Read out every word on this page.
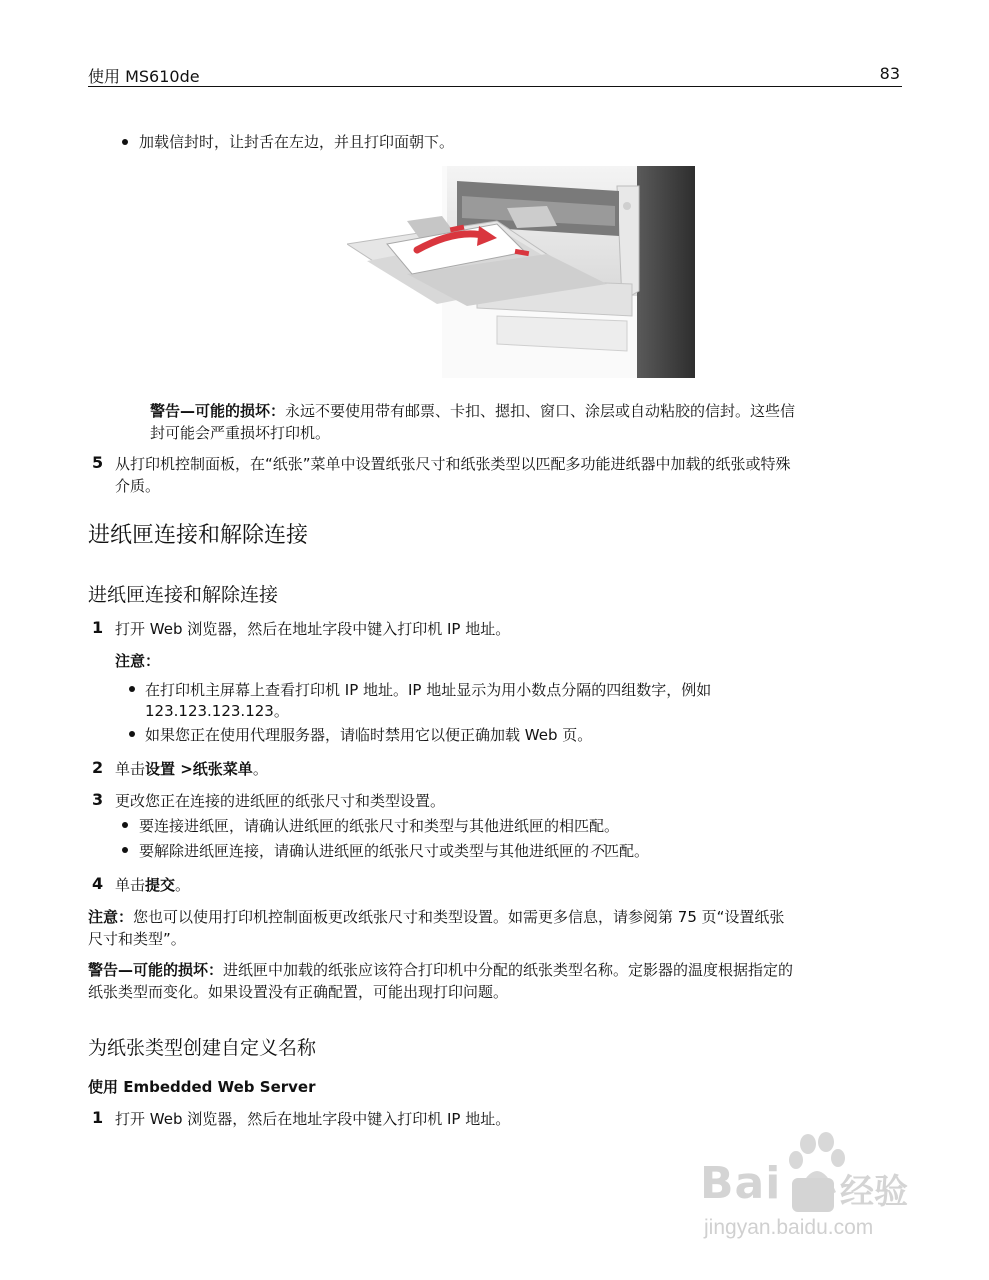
使用 MS610de	83
加载信封时，让封舌在左边，并且打印面朝下。
警告—可能的损坏：永远不要使用带有邮票、卡扣、摁扣、窗口、涂层或自动粘胶的信封。这些信
封可能会严重损坏打印机。
5 从打印机控制面板，在“纸张”菜单中设置纸张尺寸和纸张类型以匹配多功能进纸器中加载的纸张或特殊
介质。
进纸匣连接和解除连接
进纸匣连接和解除连接
1 打开 Web 浏览器，然后在地址字段中键入打印机 IP 地址。
注意：
在打印机主屏幕上查看打印机 IP 地址。IP 地址显示为用小数点分隔的四组数字，例如
123.123.123.123。
如果您正在使用代理服务器，请临时禁用它以便正确加载 Web 页。
2 单击设置 >纸张菜单。
3 更改您正在连接的进纸匣的纸张尺寸和类型设置。
要连接进纸匣，请确认进纸匣的纸张尺寸和类型与其他进纸匣的相匹配。
要解除进纸匣连接，请确认进纸匣的纸张尺寸或类型与其他进纸匣的不匹配。
4 单击提交。
注意：您也可以使用打印机控制面板更改纸张尺寸和类型设置。如需更多信息，请参阅第 75 页“设置纸张
尺寸和类型”。
警告—可能的损坏：进纸匣中加载的纸张应该符合打印机中分配的纸张类型名称。定影器的温度根据指定的
纸张类型而变化。如果设置没有正确配置，可能出现打印问题。
为纸张类型创建自定义名称
使用 Embedded Web Server
1 打开 Web 浏览器，然后在地址字段中键入打印机 IP 地址。
Bai 经验
jingyan.baidu.com
